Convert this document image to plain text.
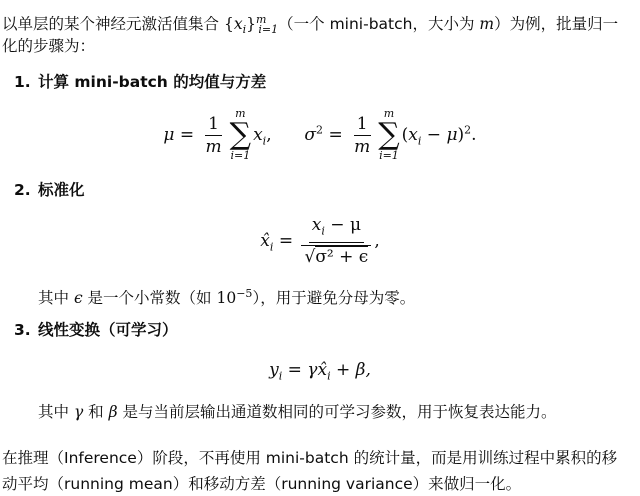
以单层的某个神经元激活值集合 $\{x_i\}^m_{i=1}$（一个 mini-batch，大小为 m）为例，批量归一
化的步骤为：
1. 计算 mini-batch 的均值与方差
$\mu = \frac{1}{m}$ m
∑
i=1
$x_i$, $\sigma^2 = \frac{1}{m}$ m
∑
i=1
$(x_i - \mu)^2$.
2. 标准化
$x̂_i = \frac{x_i - \mu}{\text{√σ² + ϵ}}$ ,
其中 ϵ 是一个小常数（如 $10^{-5}$），用于避免分母为零。
3. 线性变换（可学习）
$y_i$ = $\gamma x̂_i + \beta$,
其中 γ 和 β 是与当前层输出通道数相同的可学习参数，用于恢复表达能力。
在推理（Inference）阶段，不再使用 mini-batch 的统计量，而是用训练过程中累积的移
动平均（running mean）和移动方差（running variance）来做归一化。
